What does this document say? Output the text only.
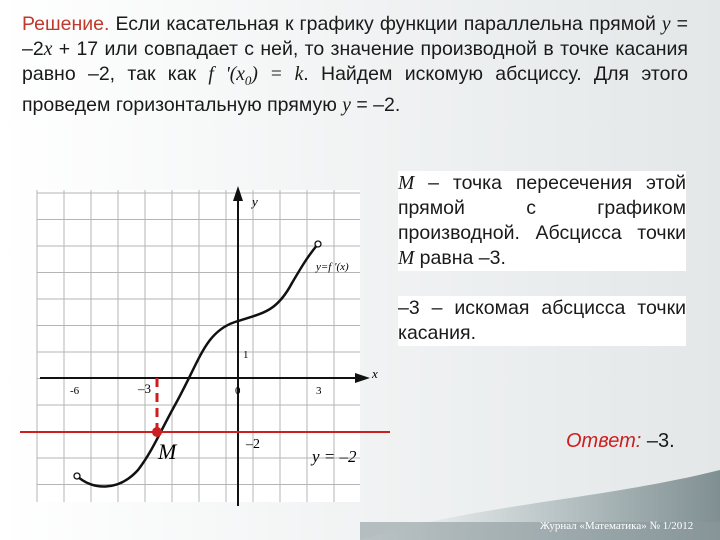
Решение. Если касательная к графику функции параллельна прямой y = –2x + 17 или совпадает с ней, то значение производной в точке касания равно –2, так как f '$(x_0) = k$. Найдем искомую абсциссу. Для этого проведем горизонтальную прямую y = –2.
y
x
-6	0
1
3
y=f '(x)
–3
M	–2
y = –2
M – точка пересечения этой прямой с графиком производной. Абсцисса точки M равна –3.
–3 – искомая абсцисса точки касания.
Ответ: –3.
Журнал «Математика» № 1/2012
